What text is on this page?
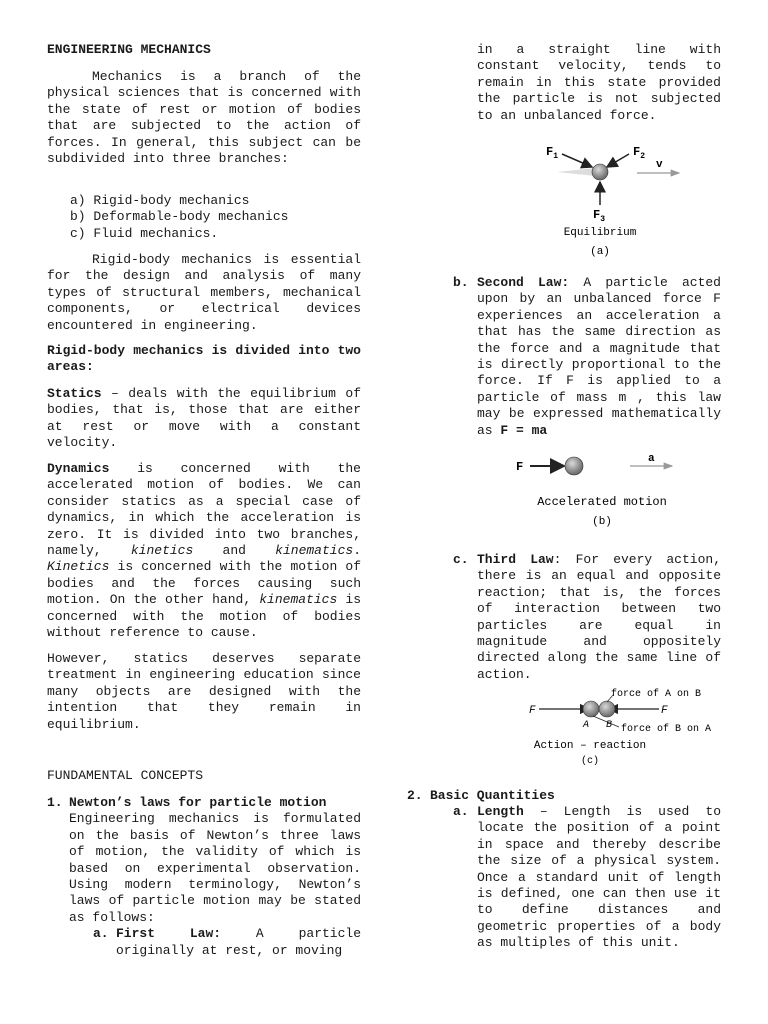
ENGINEERING MECHANICS

Mechanics is a branch of the physical sciences that is concerned with the state of rest or motion of bodies that are subjected to the action of forces. In general, this subject can be subdivided into three branches:

a) Rigid-body mechanics

b) Deformable-body mechanics

c) Fluid mechanics.

Rigid-body mechanics is essential for the design and analysis of many types of structural members, mechanical components, or electrical devices encountered in engineering.

Rigid-body mechanics is divided into two areas:

Statics – deals with the equilibrium of bodies, that is, those that are either at rest or move with a constant velocity.

Dynamics is concerned with the accelerated motion of bodies. We can consider statics as a special case of dynamics, in which the acceleration is zero. It is divided into two branches, namely, kinetics and kinematics. Kinetics is concerned with the motion of bodies and the forces causing such motion. On the other hand, kinematics is concerned with the motion of bodies without reference to cause.

However, statics deserves separate treatment in engineering education since many objects are designed with the intention that they remain in equilibrium.

FUNDAMENTAL CONCEPTS

1. Newton’s laws for particle motion

Engineering mechanics is formulated on the basis of Newton’s three laws of motion, the validity of which is based on experimental observation. Using modern terminology, Newton’s laws of particle motion may be stated as follows:

a. First Law: A particle originally at rest, or moving

in a straight line with constant velocity, tends to remain in this state provided the particle is not subjected to an unbalanced force.

$F_1$	$F_2$
v
$F_3$
Equilibrium
(a)
b. Second Law: A particle acted upon by an unbalanced force F experiences an acceleration a that has the same direction as the force and a magnitude that is directly proportional to the force. If F is applied to a particle of mass m , this law may be expressed mathematically as F = ma

F
a
Accelerated motion
(b)
c. Third Law: For every action, there is an equal and opposite reaction; that is, the forces of interaction between two particles are equal in magnitude and oppositely directed along the same line of action.

F	F
A B
force of A on B
force of B on A
Action – reaction
(c)
2. Basic Quantities

a. Length – Length is used to locate the position of a point in space and thereby describe the size of a physical system. Once a standard unit of length is defined, one can then use it to define distances and geometric properties of a body as multiples of this unit.
